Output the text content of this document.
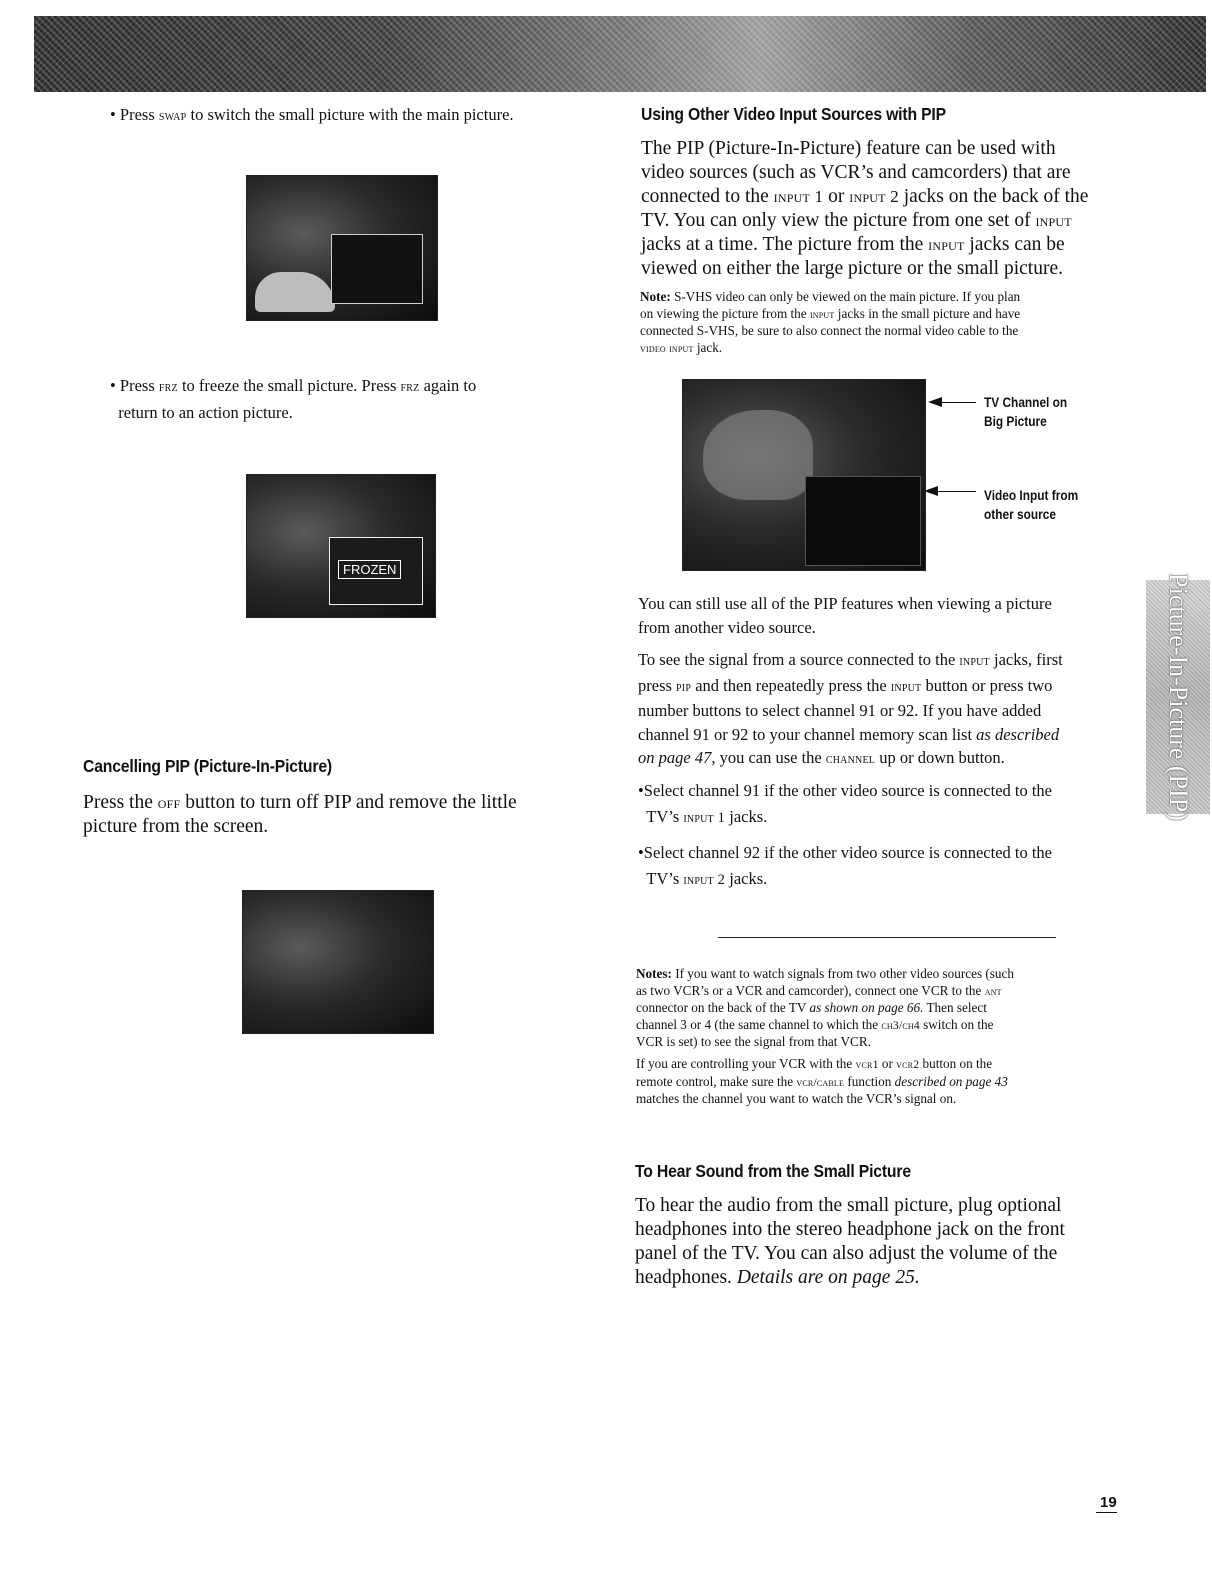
• Press swap to switch the small picture with the main picture.
• Press frz to freeze the small picture. Press frz again to
return to an action picture.
FROZEN
Cancelling PIP (Picture-In-Picture)
Press the off button to turn off PIP and remove the little
picture from the screen.
Using Other Video Input Sources with PIP
The PIP (Picture-In-Picture) feature can be used with
video sources (such as VCR’s and camcorders) that are
connected to the input 1 or input 2 jacks on the back of the
TV. You can only view the picture from one set of input
jacks at a time. The picture from the input jacks can be
viewed on either the large picture or the small picture.
Note: S-VHS video can only be viewed on the main picture. If you plan
on viewing the picture from the input jacks in the small picture and have
connected S-VHS, be sure to also connect the normal video cable to the
video input jack.
TV Channel on
Big Picture
Video Input from
other source
You can still use all of the PIP features when viewing a picture
from another video source.
To see the signal from a source connected to the input jacks, first
press pip and then repeatedly press the input button or press two
number buttons to select channel 91 or 92. If you have added
channel 91 or 92 to your channel memory scan list as described
on page 47, you can use the channel up or down button.
•Select channel 91 if the other video source is connected to the
TV’s input 1 jacks.
•Select channel 92 if the other video source is connected to the
TV’s input 2 jacks.
Notes: If you want to watch signals from two other video sources (such
as two VCR’s or a VCR and camcorder), connect one VCR to the ant
connector on the back of the TV as shown on page 66. Then select
channel 3 or 4 (the same channel to which the ch3/ch4 switch on the
VCR is set) to see the signal from that VCR.
If you are controlling your VCR with the vcr1 or vcr2 button on the
remote control, make sure the vcr/cable function described on page 43
matches the channel you want to watch the VCR’s signal on.
To Hear Sound from the Small Picture
To hear the audio from the small picture, plug optional
headphones into the stereo headphone jack on the front
panel of the TV. You can also adjust the volume of the
headphones. Details are on page 25.
Picture-In-Picture (PIP)
19
